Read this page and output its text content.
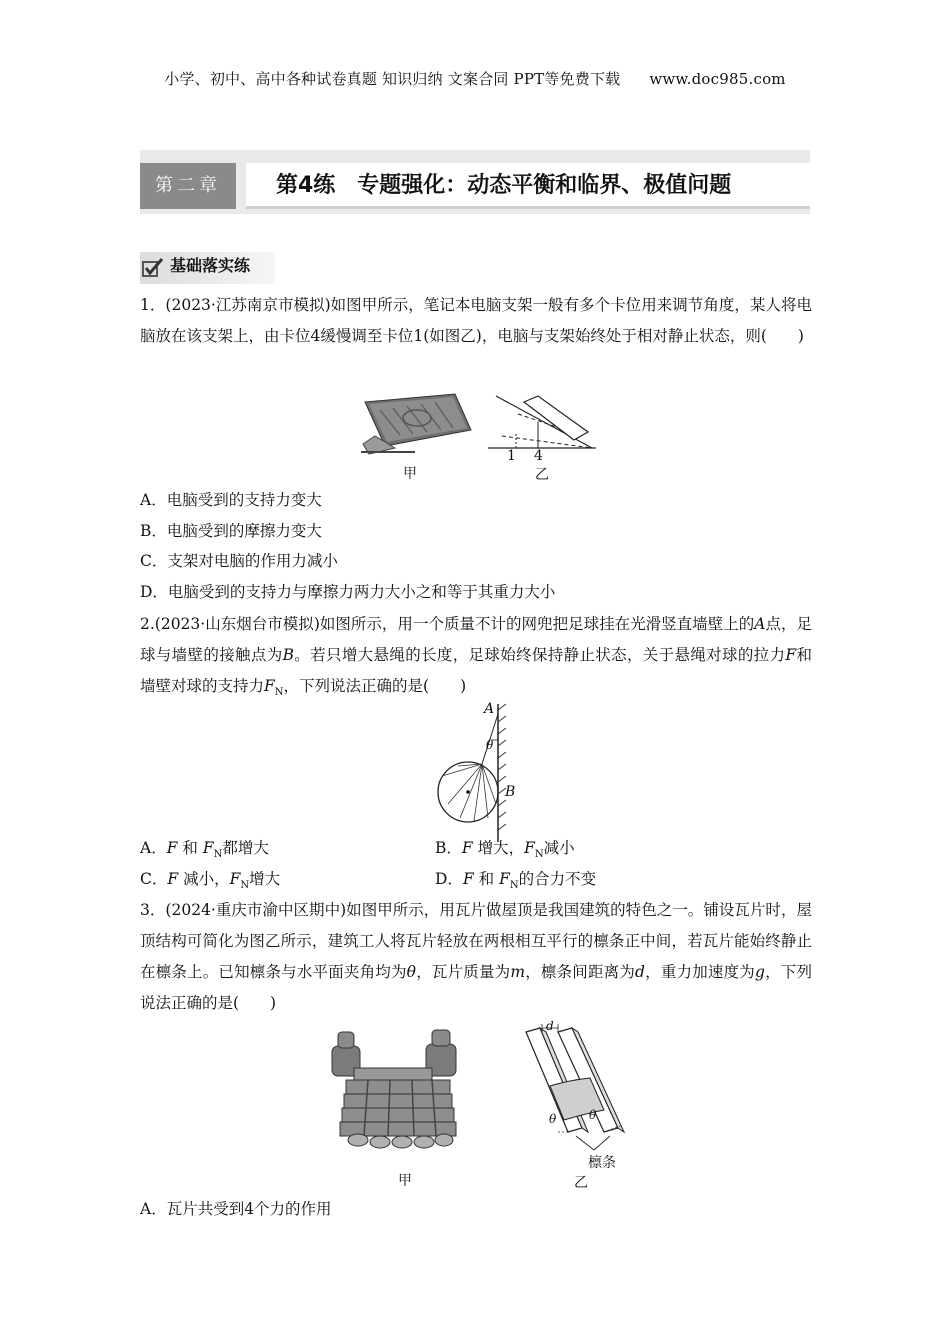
小学、初中、高中各种试卷真题 知识归纳 文案合同 PPT等免费下载 www.doc985.com
第二章	第4练　专题强化：动态平衡和临界、极值问题
基础落实练
1．(2023·江苏南京市模拟)如图甲所示，笔记本电脑支架一般有多个卡位用来调节角度，某人将电脑放在该支架上，由卡位4缓慢调至卡位1(如图乙)，电脑与支架始终处于相对静止状态，则(　　)
甲
1 4
乙
A．电脑受到的支持力变大
B．电脑受到的摩擦力变大
C．支架对电脑的作用力减小
D．电脑受到的支持力与摩擦力两力大小之和等于其重力大小
2.(2023·山东烟台市模拟)如图所示，用一个质量不计的网兜把足球挂在光滑竖直墙壁上的A点，足球与墙壁的接触点为B。若只增大悬绳的长度，足球始终保持静止状态，关于悬绳对球的拉力F和墙壁对球的支持力$F_N$，下列说法正确的是(　　)
A
θ
B
A．F 和 $F_N$都增大	B．F 增大，$F_N$减小
C．F 减小，$F_N$增大	D．F 和 $F_N$的合力不变
3．(2024·重庆市渝中区期中)如图甲所示，用瓦片做屋顶是我国建筑的特色之一。铺设瓦片时，屋顶结构可简化为图乙所示，建筑工人将瓦片轻放在两根相互平行的檩条正中间，若瓦片能始终静止在檩条上。已知檩条与水平面夹角均为θ，瓦片质量为m，檩条间距离为d，重力加速度为g，下列说法正确的是(　　)
甲
d
θ	θ
檩条
乙
A．瓦片共受到4个力的作用
